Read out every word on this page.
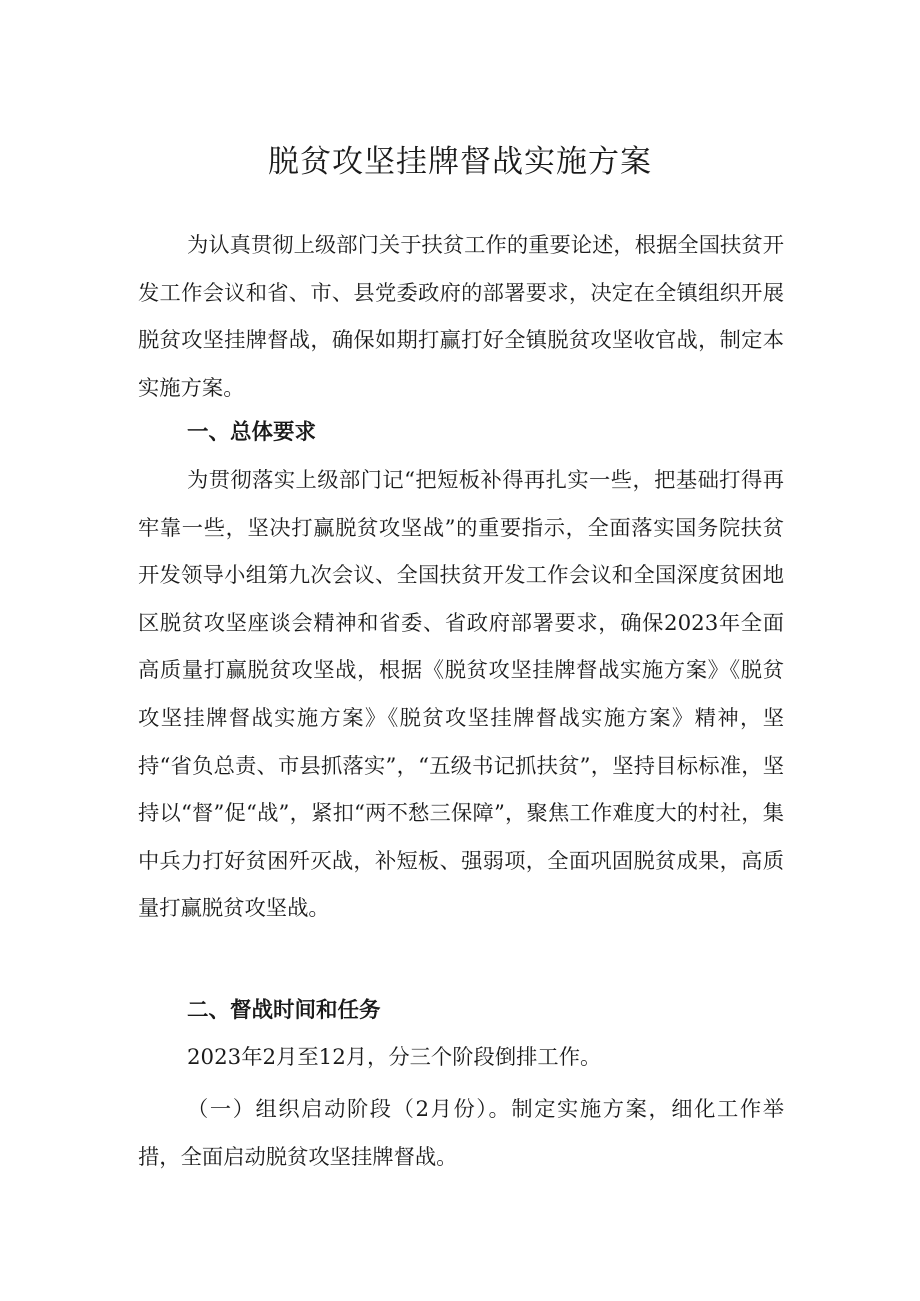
脱贫攻坚挂牌督战实施方案

为认真贯彻上级部门关于扶贫工作的重要论述，根据全国扶贫开发工作会议和省、市、县党委政府的部署要求，决定在全镇组织开展脱贫攻坚挂牌督战，确保如期打赢打好全镇脱贫攻坚收官战，制定本实施方案。

一、总体要求

为贯彻落实上级部门记“把短板补得再扎实一些，把基础打得再牢靠一些，坚决打赢脱贫攻坚战”的重要指示，全面落实国务院扶贫开发领导小组第九次会议、全国扶贫开发工作会议和全国深度贫困地区脱贫攻坚座谈会精神和省委、省政府部署要求，确保2023年全面高质量打赢脱贫攻坚战，根据《脱贫攻坚挂牌督战实施方案》《脱贫攻坚挂牌督战实施方案》《脱贫攻坚挂牌督战实施方案》精神，坚持“省负总责、市县抓落实”，“五级书记抓扶贫”，坚持目标标准，坚持以“督”促“战”，紧扣“两不愁三保障”，聚焦工作难度大的村社，集中兵力打好贫困歼灭战，补短板、强弱项，全面巩固脱贫成果，高质量打赢脱贫攻坚战。

二、督战时间和任务

2023年2月至12月，分三个阶段倒排工作。

（一）组织启动阶段（2月份）。制定实施方案，细化工作举措，全面启动脱贫攻坚挂牌督战。
